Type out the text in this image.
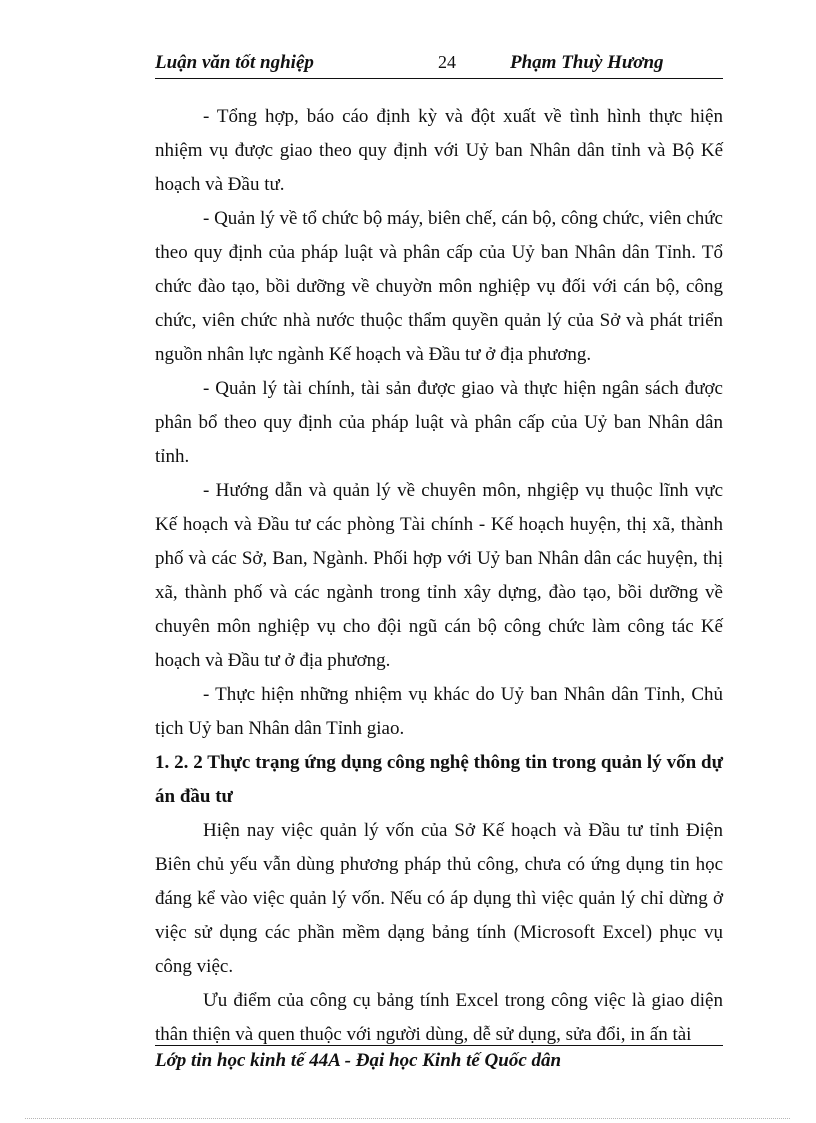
Luận văn tốt nghiệp	24	Phạm Thuỳ Hương

- Tổng hợp, báo cáo định kỳ và đột xuất về tình hình thực hiện nhiệm vụ được giao theo quy định với Uỷ ban Nhân dân tỉnh và Bộ Kế hoạch và Đầu tư.

- Quản lý về tổ chức bộ máy, biên chế, cán bộ, công chức, viên chức theo quy định của pháp luật và phân cấp của Uỷ ban Nhân dân Tỉnh. Tổ chức đào tạo, bồi dưỡng về chuyờn môn nghiệp vụ đối với cán bộ, công chức, viên chức nhà nước thuộc thẩm quyền quản lý của Sở và phát triển nguồn nhân lực ngành Kế hoạch và Đầu tư ở địa phương.

- Quản lý tài chính, tài sản được giao và thực hiện ngân sách được phân bổ theo quy định của pháp luật và phân cấp của Uỷ ban Nhân dân tỉnh.

- Hướng dẫn và quản lý về chuyên môn, nhgiệp vụ thuộc lĩnh vực Kế hoạch và Đầu tư các phòng Tài chính - Kế hoạch huyện, thị xã, thành phố và các Sở, Ban, Ngành. Phối hợp với Uỷ ban Nhân dân các huyện, thị xã, thành phố và các ngành trong tỉnh xây dựng, đào tạo, bồi dưỡng về chuyên môn nghiệp vụ cho đội ngũ cán bộ công chức làm công tác Kế hoạch và Đầu tư ở địa phương.

- Thực hiện những nhiệm vụ khác do Uỷ ban Nhân dân Tỉnh, Chủ tịch Uỷ ban Nhân dân Tỉnh giao.

1. 2. 2 Thực trạng ứng dụng công nghệ thông tin trong quản lý vốn dự án đầu tư

Hiện nay việc quản lý vốn của Sở Kế hoạch và Đầu tư tỉnh Điện Biên chủ yếu vẫn dùng phương pháp thủ công, chưa có ứng dụng tin học đáng kể vào việc quản lý vốn. Nếu có áp dụng thì việc quản lý chỉ dừng ở việc sử dụng các phần mềm dạng bảng tính (Microsoft Excel) phục vụ công việc.

Ưu điểm của công cụ bảng tính Excel trong công việc là giao diện thân thiện và quen thuộc với người dùng, dễ sử dụng, sửa đổi, in ấn tài

Lớp tin học kinh tế 44A - Đại học Kinh tế Quốc dân
